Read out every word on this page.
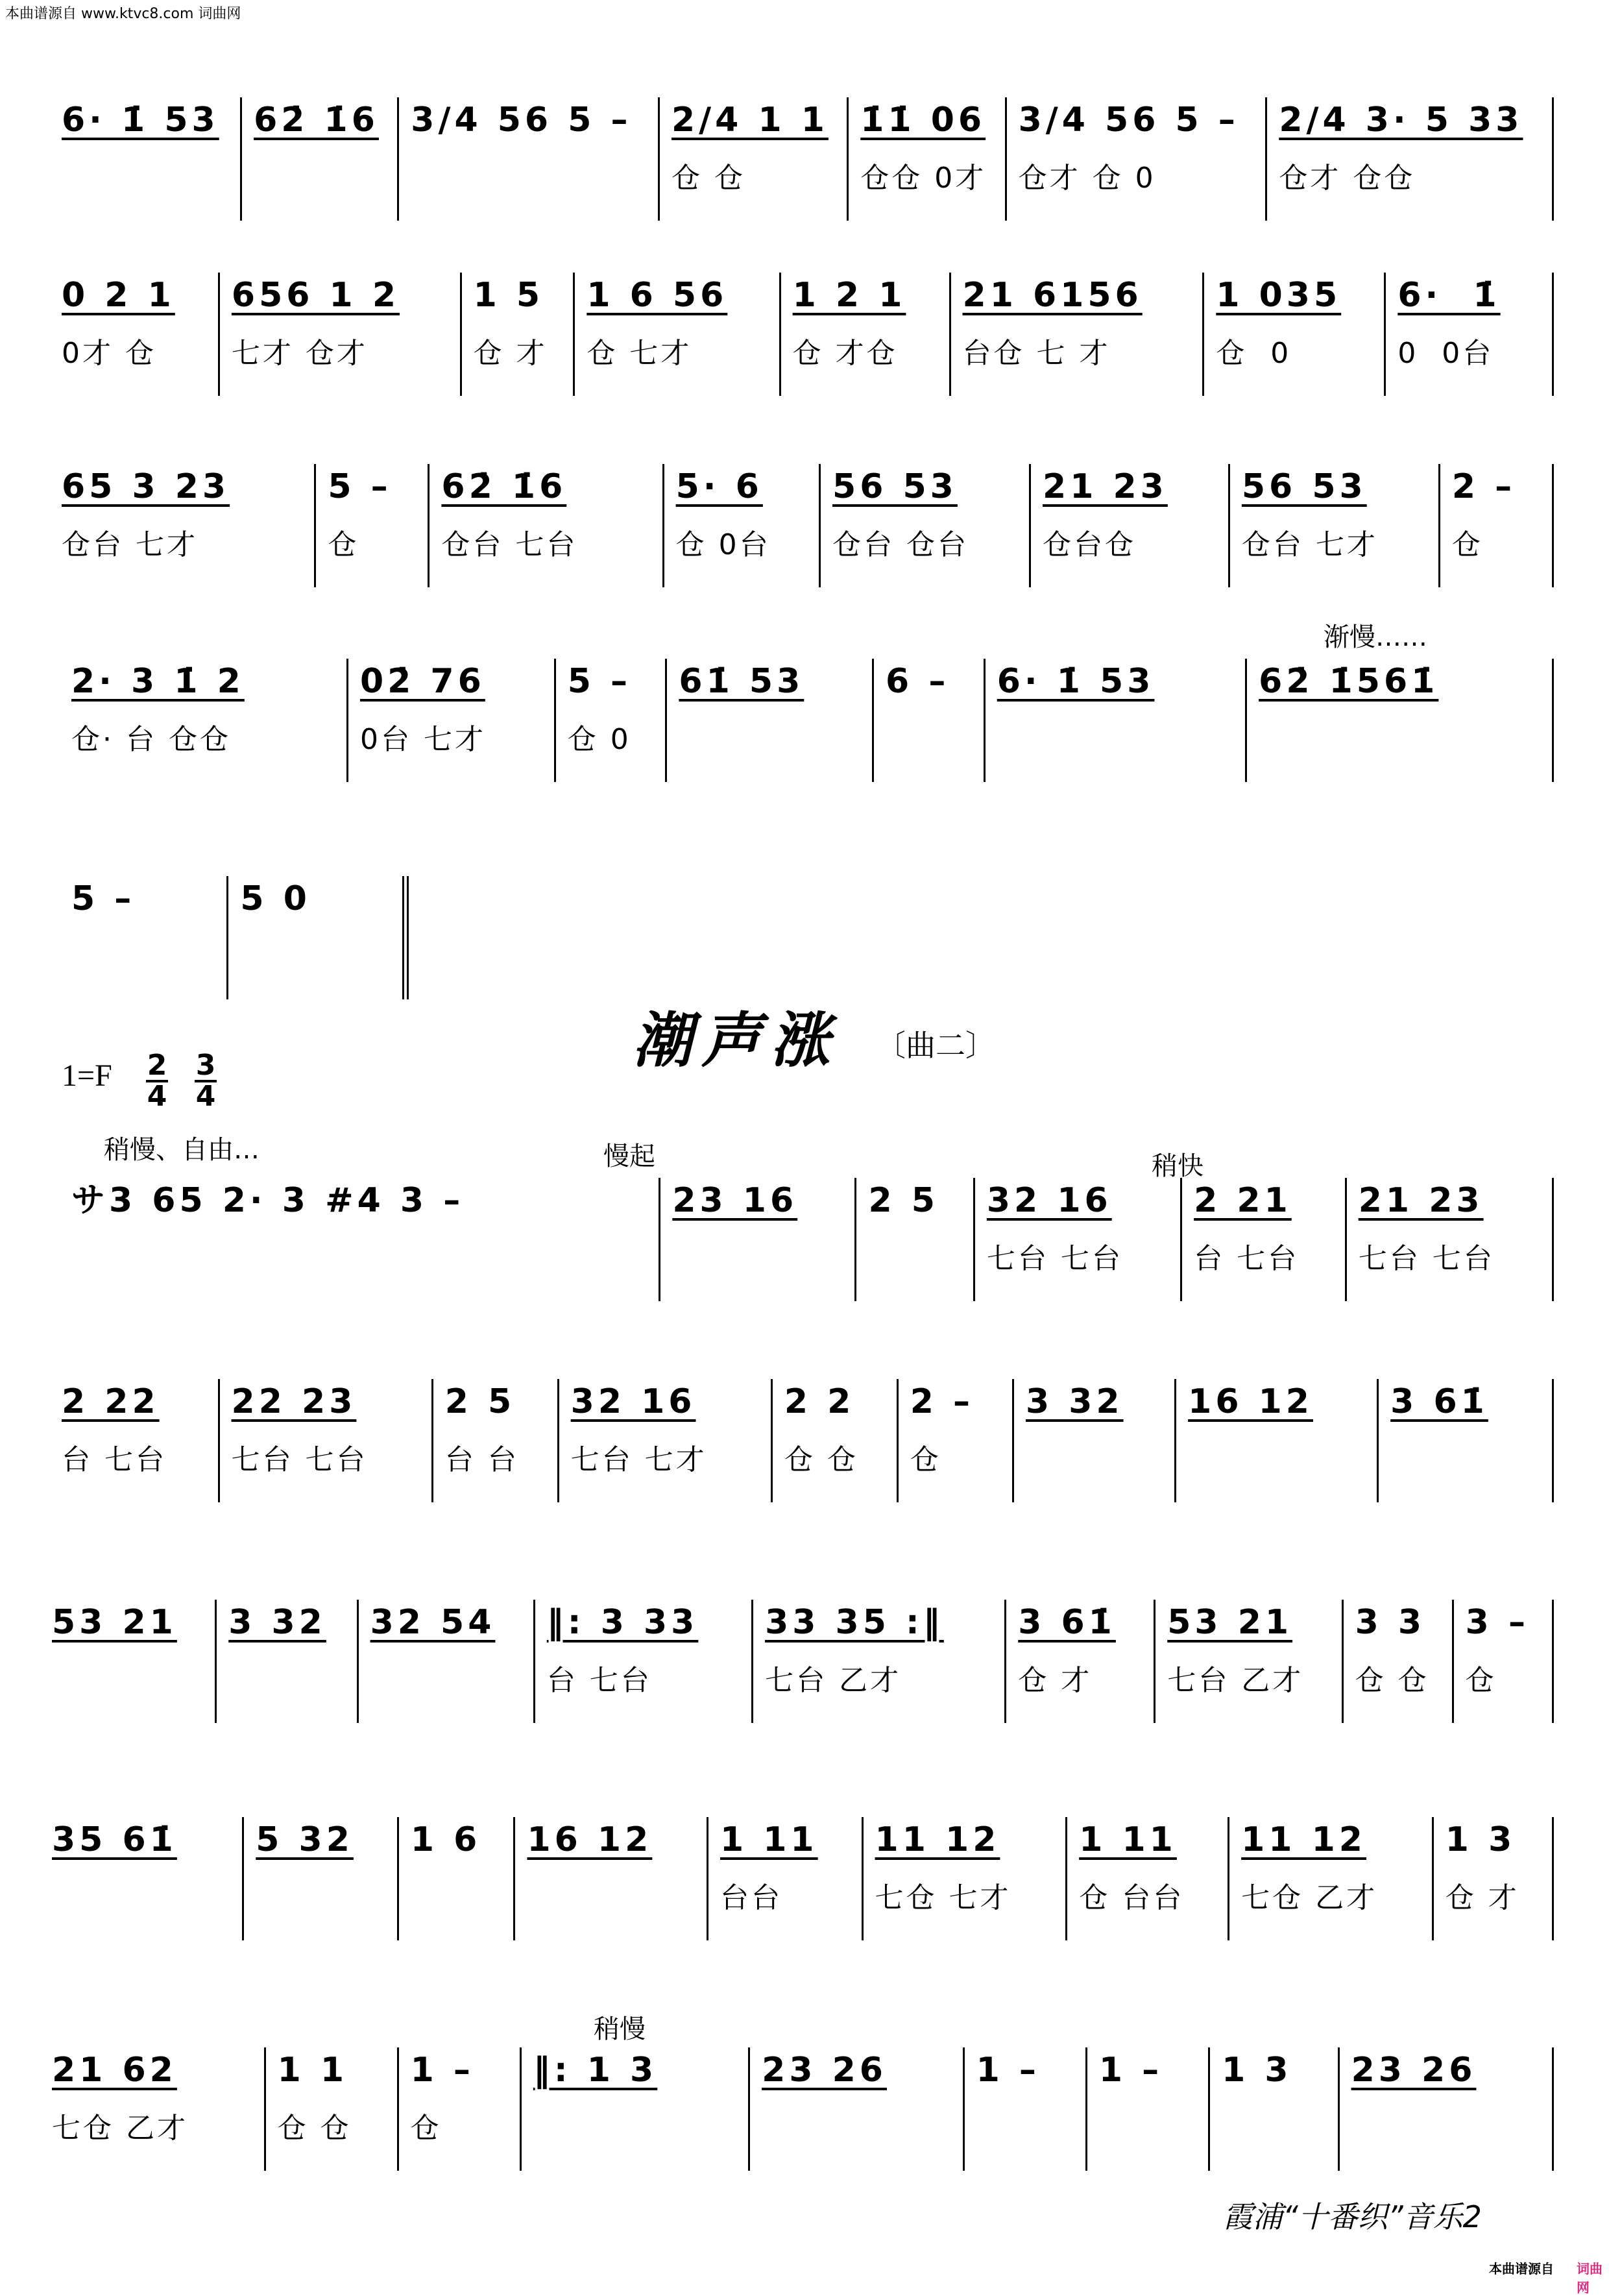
本曲谱源自 www.ktvc8.com 词曲网
6· 1̇ 53	62̇ 1̇6 3/4 56 5 –	2/4 1 1
仓 仓
1̇1̇ 06
仓仓 0才
3/4 56 5 –
仓才 仓 0
2/4 3· 5 33
仓才 仓仓
0 2 1
0才 仓
656 1 2
七才 仓才
1 5
仓 才
1 6 56
仓 七才
1 2 1
仓 才仓
21 6156
台仓 七 才
1 035
仓  0
6·  1̇
0  0台
65 3 23
仓台 七才
5 –
仓
62̇ 1̇6
仓台 七台
5· 6
仓 0台
56 53
仓台 仓台
21 23
仓台仓
56 53
仓台 七才
2 –
仓
2· 3 1̇ 2
仓· 台 仓仓
02̇ 76
0台 七才
5 –
仓 0
61̇ 53	6 –	6· 1̇ 53	62̇ 1̇561̇
5 –	5 0
サ3 65 2· 3 #4 3 –	23 16	2 5	32 16
七台 七台
2 21
台 七台
21 23
七台 七台
2 22
台 七台
22 23
七台 七台
2 5
台 台
32 16
七台 七才
2 2
仓 仓
2 –
仓
3 32	16 12	3 61̇
53 21	3 32	32 54	‖: 3 33
台 七台
33 35 :‖
七台 乙才
3 61̇
仓 才
53 21
七台 乙才
3 3
仓 仓
3 –
仓
35 61̇	5 32	1 6	16 12	1 11
台台
11 12
七仓 七才
1 11
仓 台台
11 12
七仓 乙才
1 3
仓 才
21 62
七仓 乙才
1 1
仓 仓
1 –
仓
‖: 1 3	23 26	1 –	1 –	1 3	23 26
渐慢……
潮声涨 〔曲二〕
$1=F \frac{2}{4} \frac{3}{4}$
稍慢、自由…	慢起	稍快
稍慢
霞浦“十番织”音乐2
本曲谱源自 词曲网
